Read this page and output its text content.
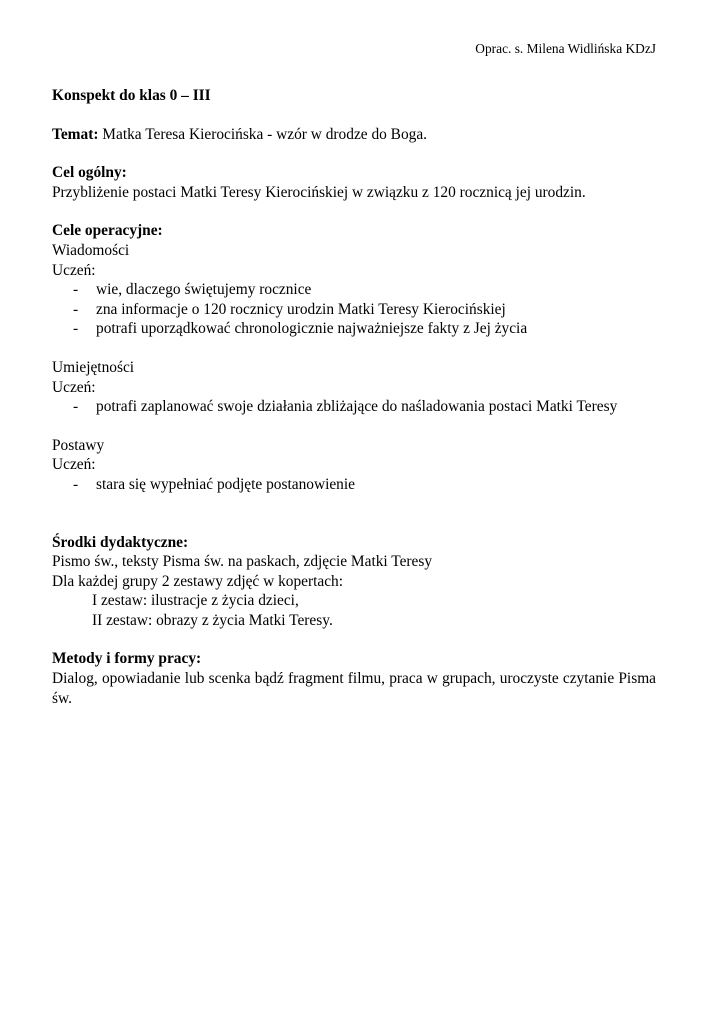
Oprac. s. Milena Widlińska KDzJ

Konspekt do klas 0 – III

Temat: Matka Teresa Kierocińska - wzór w drodze do Boga.

Cel ogólny:

Przybliżenie postaci Matki Teresy Kierocińskiej w związku z 120 rocznicą jej urodzin.

Cele operacyjne:

Wiadomości

Uczeń:

- wie, dlaczego świętujemy rocznice
- zna informacje o 120 rocznicy urodzin Matki Teresy Kierocińskiej
- potrafi uporządkować chronologicznie najważniejsze fakty z Jej życia

Umiejętności

Uczeń:

- potrafi zaplanować swoje działania zbliżające do naśladowania postaci Matki Teresy

Postawy

Uczeń:

- stara się wypełniać podjęte postanowienie

Środki dydaktyczne:

Pismo św., teksty Pisma św. na paskach, zdjęcie Matki Teresy

Dla każdej grupy 2 zestawy zdjęć w kopertach:

I zestaw: ilustracje z życia dzieci,

II zestaw: obrazy z życia Matki Teresy.

Metody i formy pracy:

Dialog, opowiadanie lub scenka bądź fragment filmu, praca w grupach, uroczyste czytanie Pisma św.
